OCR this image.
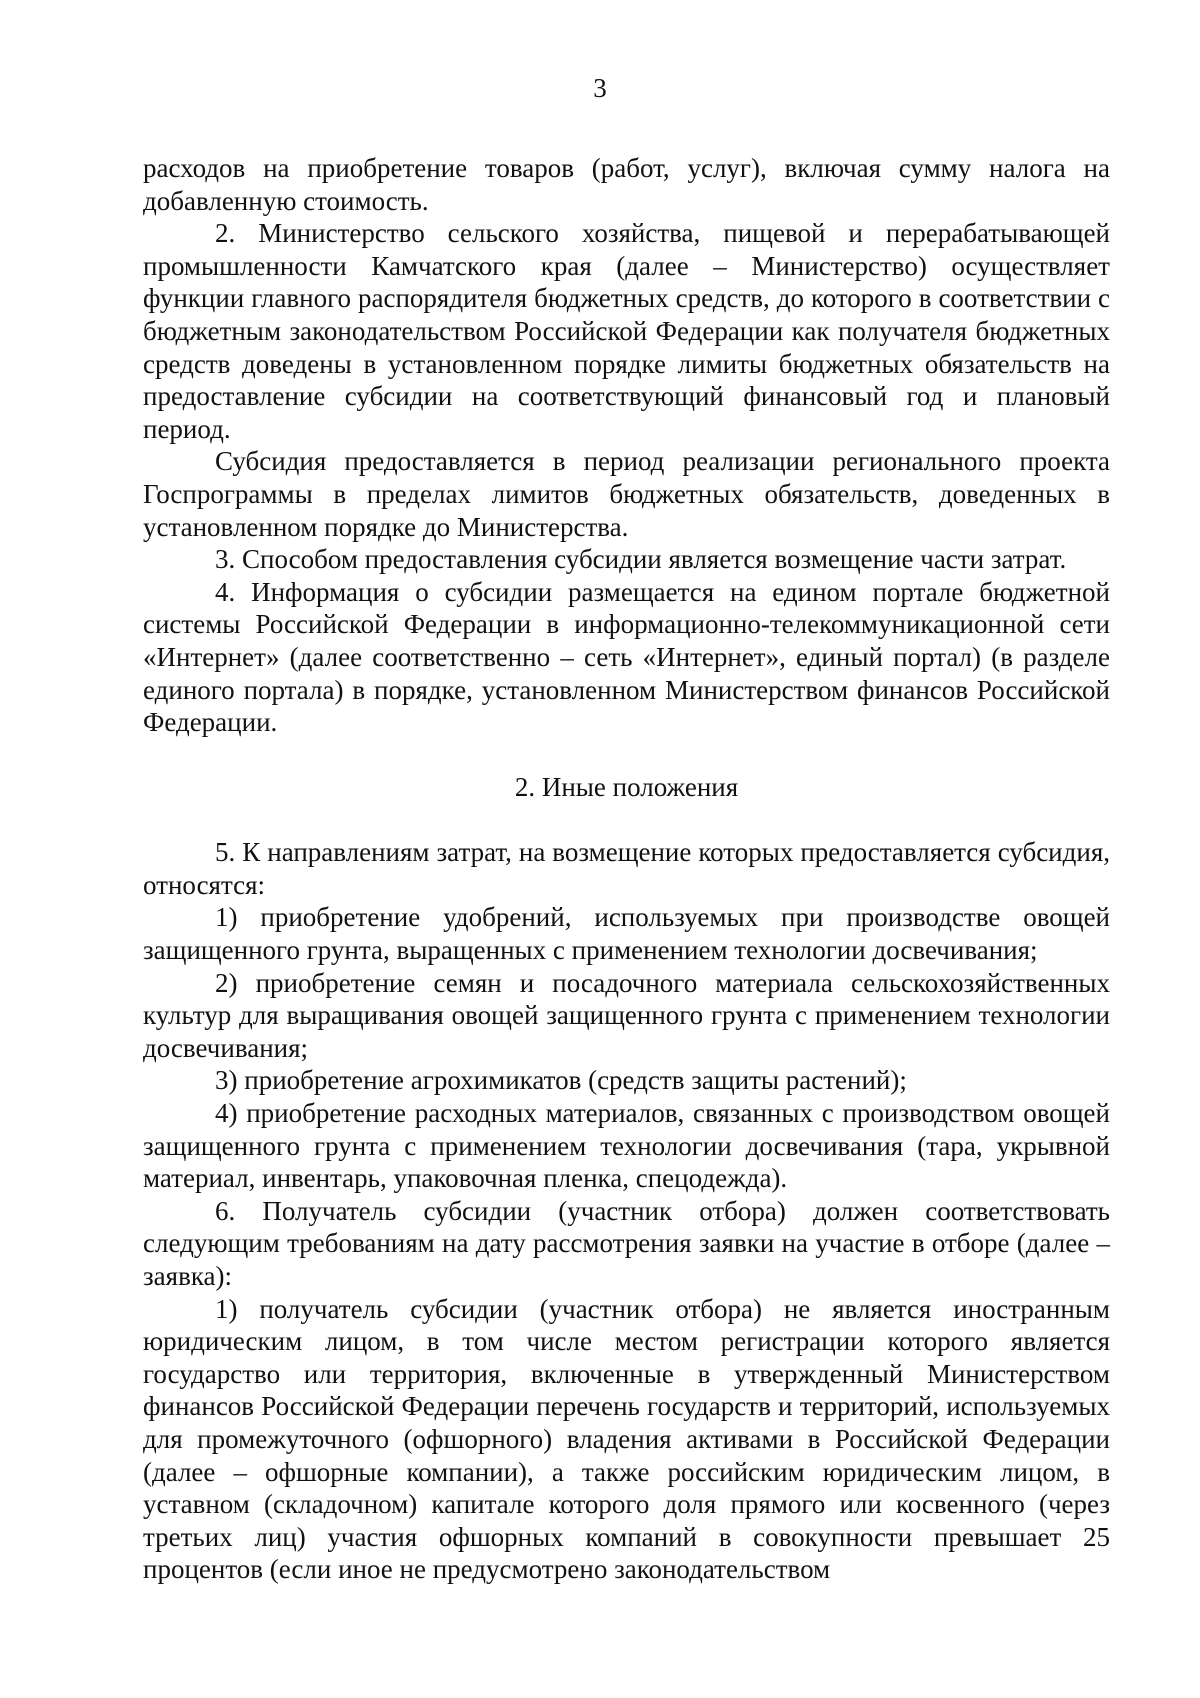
3

расходов на приобретение товаров (работ, услуг), включая сумму налога на добавленную стоимость.

2. Министерство сельского хозяйства, пищевой и перерабатывающей промышленности Камчатского края (далее – Министерство) осуществляет функции главного распорядителя бюджетных средств, до которого в соответствии с бюджетным законодательством Российской Федерации как получателя бюджетных средств доведены в установленном порядке лимиты бюджетных обязательств на предоставление субсидии на соответствующий финансовый год и плановый период.

Субсидия предоставляется в период реализации регионального проекта Госпрограммы в пределах лимитов бюджетных обязательств, доведенных в установленном порядке до Министерства.

3. Способом предоставления субсидии является возмещение части затрат.

4. Информация о субсидии размещается на едином портале бюджетной системы Российской Федерации в информационно-телекоммуникационной сети «Интернет» (далее соответственно – сеть «Интернет», единый портал) (в разделе единого портала) в порядке, установленном Министерством финансов Российской Федерации.

2. Иные положения

5. К направлениям затрат, на возмещение которых предоставляется субсидия, относятся:

1) приобретение удобрений, используемых при производстве овощей защищенного грунта, выращенных с применением технологии досвечивания;

2) приобретение семян и посадочного материала сельскохозяйственных культур для выращивания овощей защищенного грунта с применением технологии досвечивания;

3) приобретение агрохимикатов (средств защиты растений);

4) приобретение расходных материалов, связанных с производством овощей защищенного грунта с применением технологии досвечивания (тара, укрывной материал, инвентарь, упаковочная пленка, спецодежда).

6. Получатель субсидии (участник отбора) должен соответствовать следующим требованиям на дату рассмотрения заявки на участие в отборе (далее – заявка):

1) получатель субсидии (участник отбора) не является иностранным юридическим лицом, в том числе местом регистрации которого является государство или территория, включенные в утвержденный Министерством финансов Российской Федерации перечень государств и территорий, используемых для промежуточного (офшорного) владения активами в Российской Федерации (далее – офшорные компании), а также российским юридическим лицом, в уставном (складочном) капитале которого доля прямого или косвенного (через третьих лиц) участия офшорных компаний в совокупности превышает 25 процентов (если иное не предусмотрено законодательством
